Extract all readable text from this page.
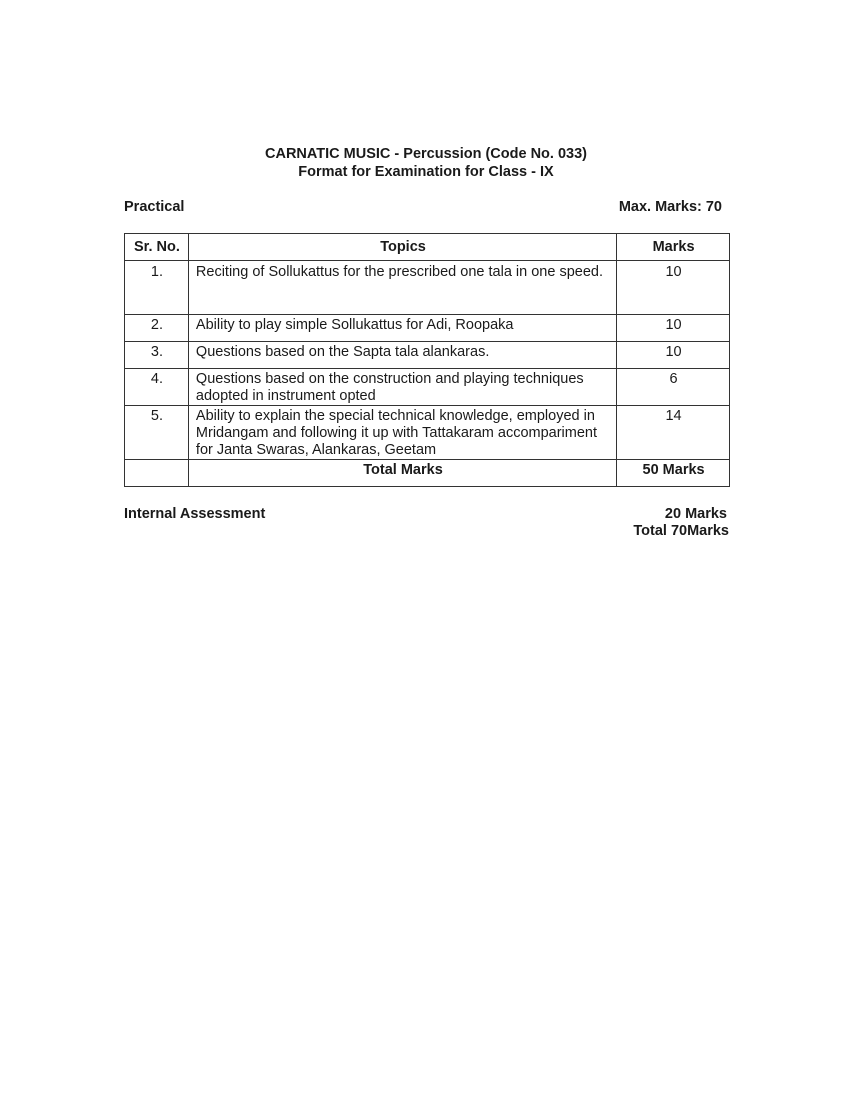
CARNATIC MUSIC - Percussion (Code No. 033)
Format for Examination for Class - IX
Practical	Max. Marks: 70
Sr. No.	Topics	Marks
1.	Reciting of Sollukattus for the prescribed one tala in one speed.	10
2.	Ability to play simple Sollukattus for Adi, Roopaka	10
3.	Questions based on the Sapta tala alankaras.	10
4.	Questions based on the construction and playing techniques adopted in instrument opted	6
5.	Ability to explain the special technical knowledge, employed in Mridangam and following it up with Tattakaram accompariment for Janta Swaras, Alankaras, Geetam	14
	Total Marks	50 Marks
Internal Assessment	20 Marks
Total 70Marks
